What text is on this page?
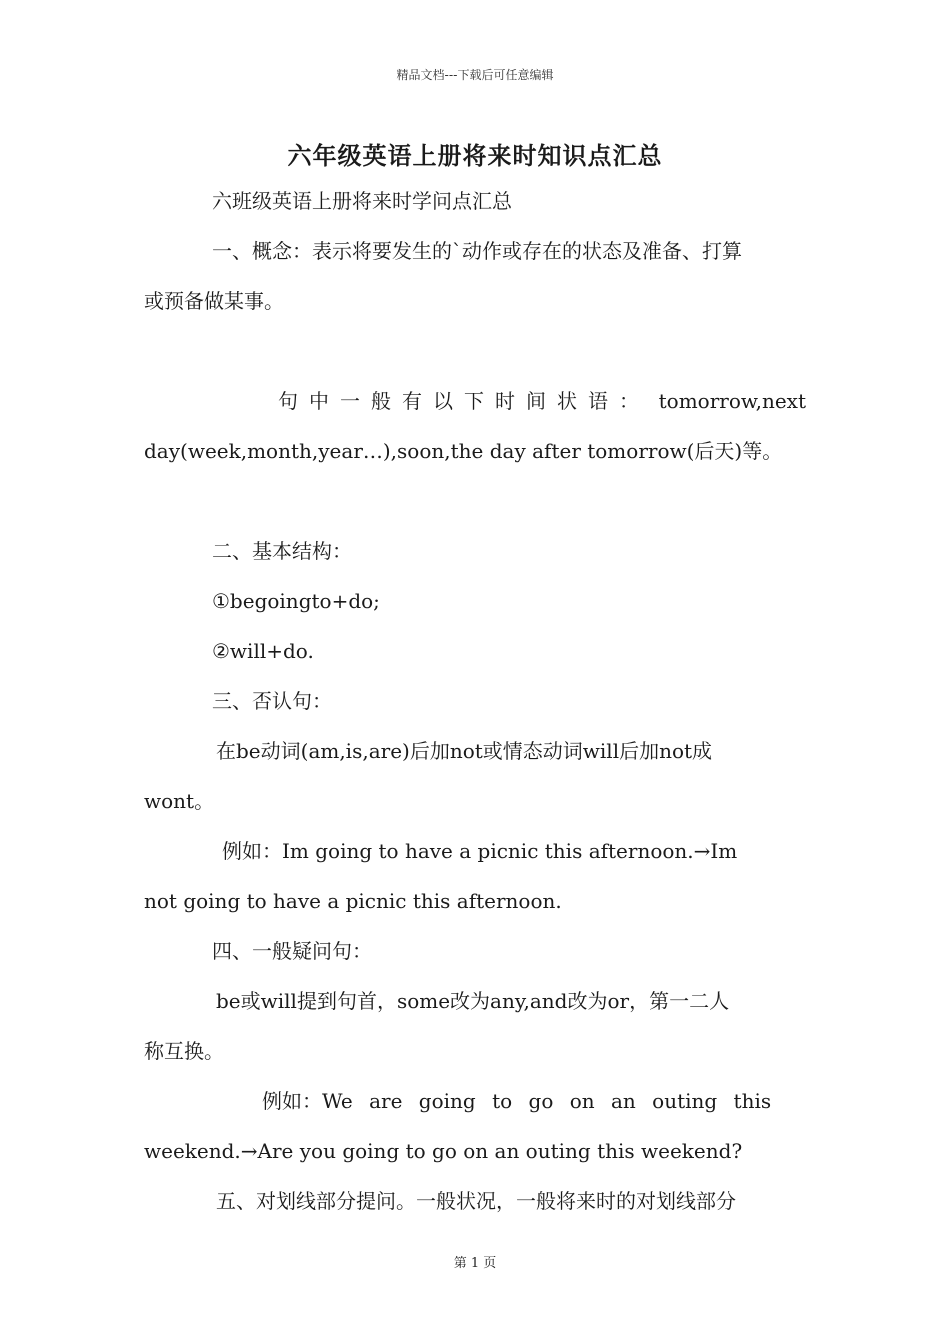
精品文档---下载后可任意编辑
六年级英语上册将来时知识点汇总
六班级英语上册将来时学问点汇总
一、概念：表示将要发生的`动作或存在的状态及准备、打算
或预备做某事。
句中一般有以下时间状语： tomorrow,next
day(week,month,year…),soon,the day after tomorrow(后天)等。
二、基本结构：
①begoingto+do;
②will+do.
三、否认句：
在be动词(am,is,are)后加not或情态动词will后加not成
wont。
例如：Im going to have a picnic this afternoon.→Im
not going to have a picnic this afternoon.
四、一般疑问句：
be或will提到句首，some改为any,and改为or，第一二人
称互换。
例如：We are going to go on an outing this
weekend.→Are you going to go on an outing this weekend?
五、对划线部分提问。一般状况，一般将来时的对划线部分
第 1 页
